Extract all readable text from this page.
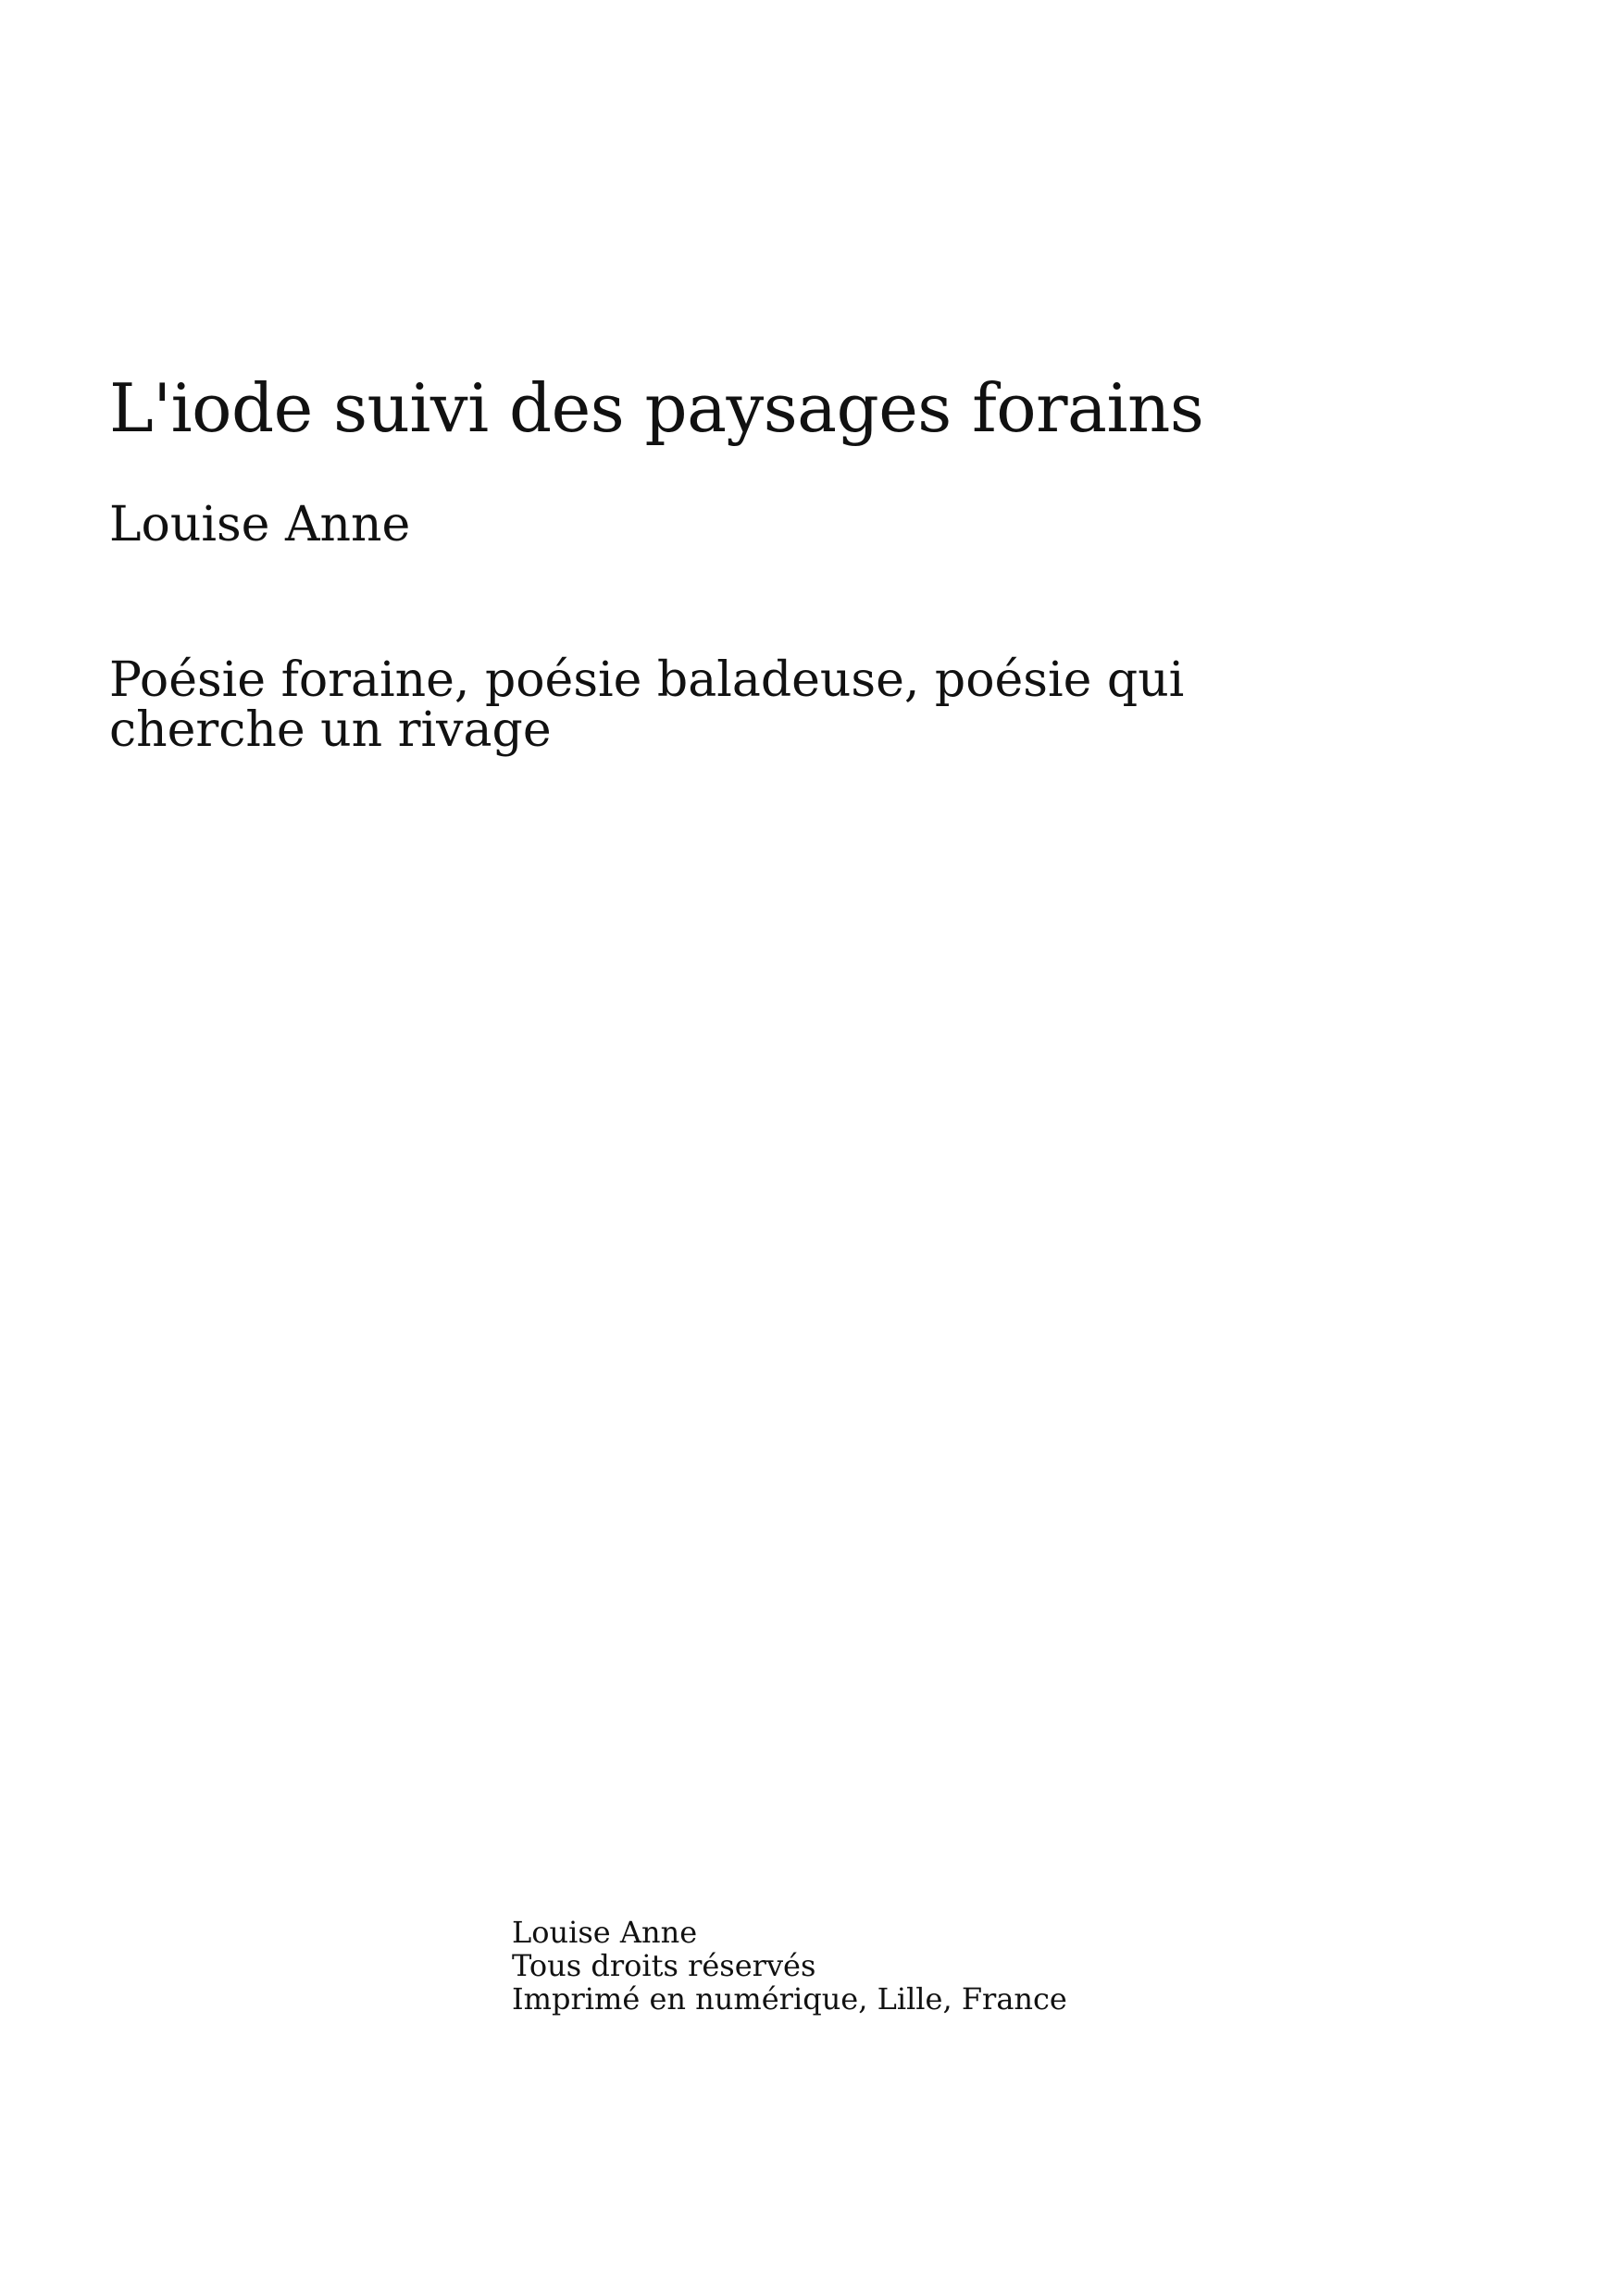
L'iode suivi des paysages forains
Louise Anne

Poésie foraine, poésie baladeuse, poésie qui
cherche un rivage

Louise Anne
Tous droits réservés
Imprimé en numérique, Lille, France
